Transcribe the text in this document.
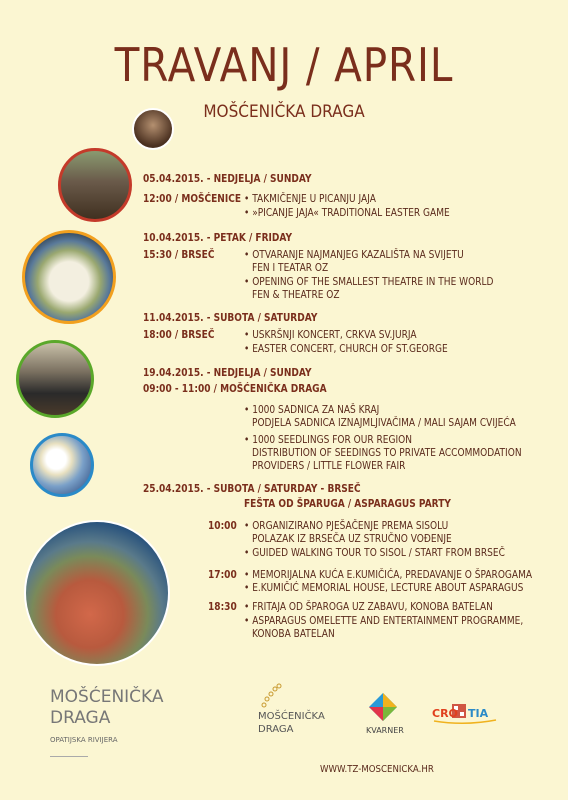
TRAVANJ / APRIL
MOŠĆENIČKA DRAGA
05.04.2015. - NEDJELJA / SUNDAY
12:00 / MOŠĆENICE • TAKMIČENJE U PICANJU JAJA
• »PICANJE JAJA« TRADITIONAL EASTER GAME
10.04.2015. - PETAK / FRIDAY
15:30 / BRSEČ	• OTVARANJE NAJMANJEG KAZALIŠTA NA SVIJETU
FEN I TEATAR OZ
• OPENING OF THE SMALLEST THEATRE IN THE WORLD
FEN & THEATRE OZ
11.04.2015. - SUBOTA / SATURDAY
18:00 / BRSEČ	• USKRŠNJI KONCERT, CRKVA SV.JURJA
• EASTER CONCERT, CHURCH OF ST.GEORGE
19.04.2015. - NEDJELJA / SUNDAY
09:00 - 11:00 / MOŠĆENIČKA DRAGA
• 1000 SADNICA ZA NAŠ KRAJ
PODJELA SADNICA IZNAJMLJIVAČIMA / MALI SAJAM CVIJEĆA
• 1000 SEEDLINGS FOR OUR REGION
DISTRIBUTION OF SEEDINGS TO PRIVATE ACCOMMODATION
PROVIDERS / LITTLE FLOWER FAIR
25.04.2015. - SUBOTA / SATURDAY - BRSEČ
FEŠTA OD ŠPARUGA / ASPARAGUS PARTY
10:00 • ORGANIZIRANO PJEŠAČENJE PREMA SISOLU
POLAZAK IZ BRSEČA UZ STRUČNO VOĐENJE
• GUIDED WALKING TOUR TO SISOL / START FROM BRSEČ
17:00 • MEMORIJALNA KUĆA E.KUMIČIĆA, PREDAVANJE O ŠPAROGAMA
• E.KUMIČIĆ MEMORIAL HOUSE, LECTURE ABOUT ASPARAGUS
18:30 • FRITAJA OD ŠPAROGA UZ ZABAVU, KONOBA BATELAN
• ASPARAGUS OMELETTE AND ENTERTAINMENT PROGRAMME,
KONOBA BATELAN
MOŠĆENIČKA
DRAGA
OPATIJSKA RIVIJERA
MOŠĆENIČKA
DRAGA	KVARNER
CRO TIA
WWW.TZ-MOSCENICKA.HR
